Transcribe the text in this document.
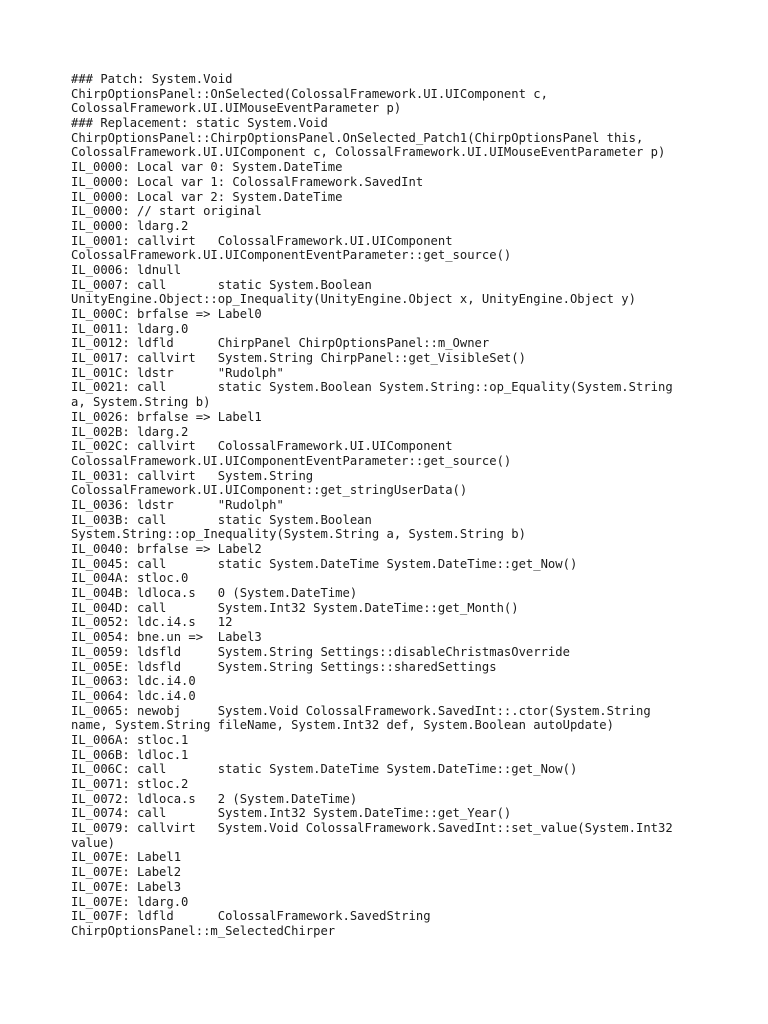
### Patch: System.Void
ChirpOptionsPanel::OnSelected(ColossalFramework.UI.UIComponent c,
ColossalFramework.UI.UIMouseEventParameter p)
### Replacement: static System.Void
ChirpOptionsPanel::ChirpOptionsPanel.OnSelected_Patch1(ChirpOptionsPanel this,
ColossalFramework.UI.UIComponent c, ColossalFramework.UI.UIMouseEventParameter p)
IL_0000: Local var 0: System.DateTime
IL_0000: Local var 1: ColossalFramework.SavedInt
IL_0000: Local var 2: System.DateTime
IL_0000: // start original
IL_0000: ldarg.2
IL_0001: callvirt   ColossalFramework.UI.UIComponent
ColossalFramework.UI.UIComponentEventParameter::get_source()
IL_0006: ldnull
IL_0007: call       static System.Boolean
UnityEngine.Object::op_Inequality(UnityEngine.Object x, UnityEngine.Object y)
IL_000C: brfalse => Label0
IL_0011: ldarg.0
IL_0012: ldfld      ChirpPanel ChirpOptionsPanel::m_Owner
IL_0017: callvirt   System.String ChirpPanel::get_VisibleSet()
IL_001C: ldstr      "Rudolph"
IL_0021: call       static System.Boolean System.String::op_Equality(System.String
a, System.String b)
IL_0026: brfalse => Label1
IL_002B: ldarg.2
IL_002C: callvirt   ColossalFramework.UI.UIComponent
ColossalFramework.UI.UIComponentEventParameter::get_source()
IL_0031: callvirt   System.String
ColossalFramework.UI.UIComponent::get_stringUserData()
IL_0036: ldstr      "Rudolph"
IL_003B: call       static System.Boolean
System.String::op_Inequality(System.String a, System.String b)
IL_0040: brfalse => Label2
IL_0045: call       static System.DateTime System.DateTime::get_Now()
IL_004A: stloc.0
IL_004B: ldloca.s   0 (System.DateTime)
IL_004D: call       System.Int32 System.DateTime::get_Month()
IL_0052: ldc.i4.s   12
IL_0054: bne.un =>  Label3
IL_0059: ldsfld     System.String Settings::disableChristmasOverride
IL_005E: ldsfld     System.String Settings::sharedSettings
IL_0063: ldc.i4.0
IL_0064: ldc.i4.0
IL_0065: newobj     System.Void ColossalFramework.SavedInt::.ctor(System.String
name, System.String fileName, System.Int32 def, System.Boolean autoUpdate)
IL_006A: stloc.1
IL_006B: ldloc.1
IL_006C: call       static System.DateTime System.DateTime::get_Now()
IL_0071: stloc.2
IL_0072: ldloca.s   2 (System.DateTime)
IL_0074: call       System.Int32 System.DateTime::get_Year()
IL_0079: callvirt   System.Void ColossalFramework.SavedInt::set_value(System.Int32
value)
IL_007E: Label1
IL_007E: Label2
IL_007E: Label3
IL_007E: ldarg.0
IL_007F: ldfld      ColossalFramework.SavedString
ChirpOptionsPanel::m_SelectedChirper
